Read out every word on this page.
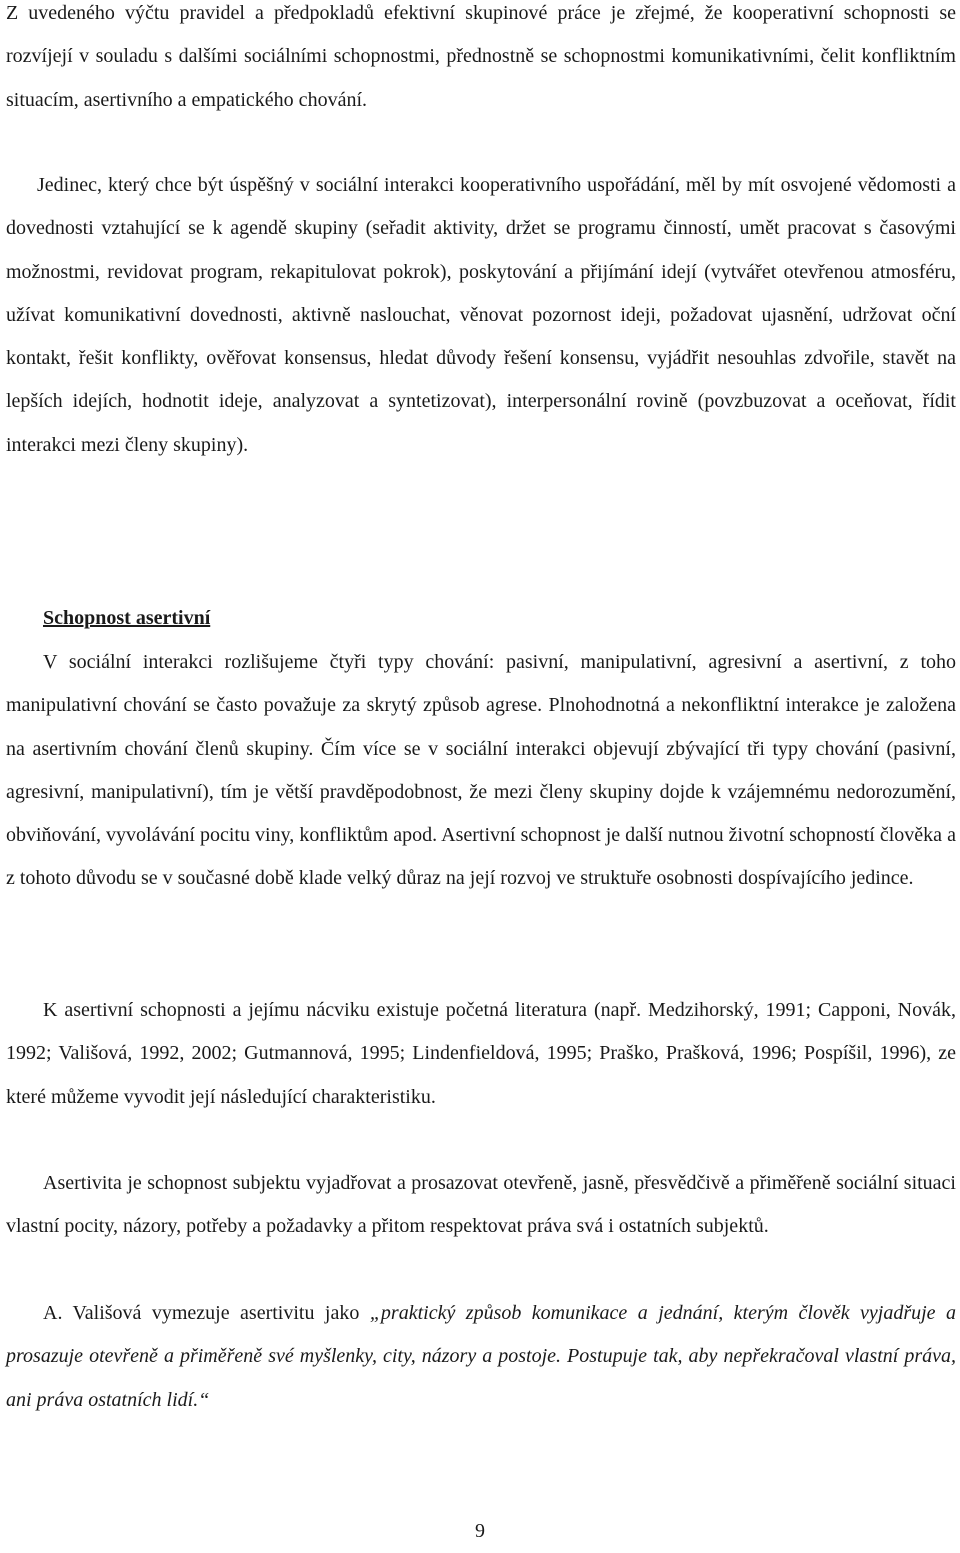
Z uvedeného výčtu pravidel a předpokladů efektivní skupinové práce je zřejmé, že kooperativní schopnosti se rozvíjejí v souladu s dalšími sociálními schopnostmi, přednostně se schopnostmi komunikativními, čelit konfliktním situacím, asertivního a empatického chování.

Jedinec, který chce být úspěšný v sociální interakci kooperativního uspořádání, měl by mít osvojené vědomosti a dovednosti vztahující se k agendě skupiny (seřadit aktivity, držet se programu činností, umět pracovat s časovými možnostmi, revidovat program, rekapitulovat pokrok), poskytování a přijímání idejí (vytvářet otevřenou atmosféru, užívat komunikativní dovednosti, aktivně naslouchat, věnovat pozornost ideji, požadovat ujasnění, udržovat oční kontakt, řešit konflikty, ověřovat konsensus, hledat důvody řešení konsensu, vyjádřit nesouhlas zdvořile, stavět na lepších idejích, hodnotit ideje, analyzovat a syntetizovat), interpersonální rovině (povzbuzovat a oceňovat, řídit interakci mezi členy skupiny).

Schopnost asertivní

V sociální interakci rozlišujeme čtyři typy chování: pasivní, manipulativní, agresivní a asertivní, z toho manipulativní chování se často považuje za skrytý způsob agrese. Plnohodnotná a nekonfliktní interakce je založena na asertivním chování členů skupiny. Čím více se v sociální interakci objevují zbývající tři typy chování (pasivní, agresivní, manipulativní), tím je větší pravděpodobnost, že mezi členy skupiny dojde k vzájemnému nedorozumění, obviňování, vyvolávání pocitu viny, konfliktům apod. Asertivní schopnost je další nutnou životní schopností člověka a z tohoto důvodu se v současné době klade velký důraz na její rozvoj ve struktuře osobnosti dospívajícího jedince.

K asertivní schopnosti a jejímu nácviku existuje početná literatura (např. Medzihorský, 1991; Capponi, Novák, 1992; Vališová, 1992, 2002; Gutmannová, 1995; Lindenfieldová, 1995; Praško, Prašková, 1996; Pospíšil, 1996), ze které můžeme vyvodit její následující charakteristiku.

Asertivita je schopnost subjektu vyjadřovat a prosazovat otevřeně, jasně, přesvědčivě a přiměřeně sociální situaci vlastní pocity, názory, potřeby a požadavky a přitom respektovat práva svá i ostatních subjektů.

A. Vališová vymezuje asertivitu jako „praktický způsob komunikace a jednání, kterým člověk vyjadřuje a prosazuje otevřeně a přiměřeně své myšlenky, city, názory a postoje. Postupuje tak, aby nepřekračoval vlastní práva, ani práva ostatních lidí.“

9
